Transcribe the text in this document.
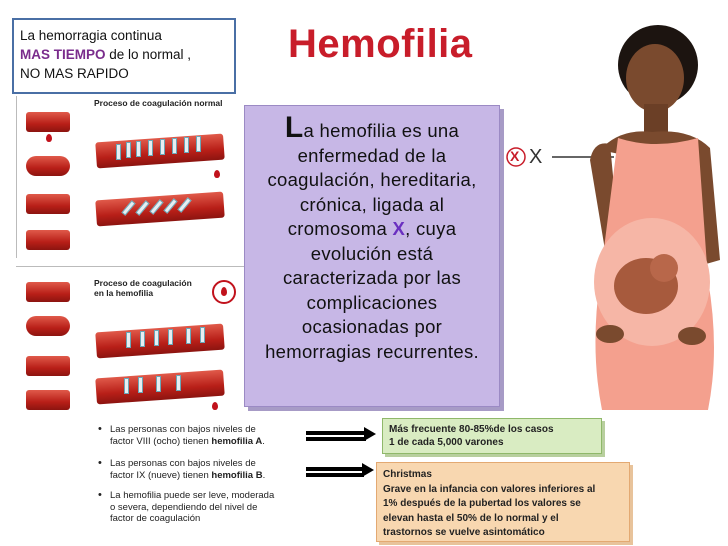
La hemorragia continua
MAS TIEMPO de lo normal ,
NO MAS RAPIDO
Hemofilia
La hemofilia es una enfermedad de la coagulación, hereditaria, crónica, ligada al cromosoma X, cuya evolución está caracterizada por las complicaciones ocasionadas por hemorragias recurrentes.
Proceso de coagulación normal
Proceso de coagulación
en la hemofilia
• Las personas con bajos niveles de
factor VIII (ocho) tienen hemofilia A.
• Las personas con bajos niveles de
factor IX (nueve) tienen hemofilia B.
• La hemofilia puede ser leve, moderada
o severa, dependiendo del nivel de
factor de coagulación
Más frecuente 80-85%de los casos
1 de cada 5,000 varones
Christmas
Grave en la infancia con valores inferiores al
1% después de la pubertad los valores se
elevan hasta el 50% de lo normal y el
trastornos se vuelve asintomático
X X
